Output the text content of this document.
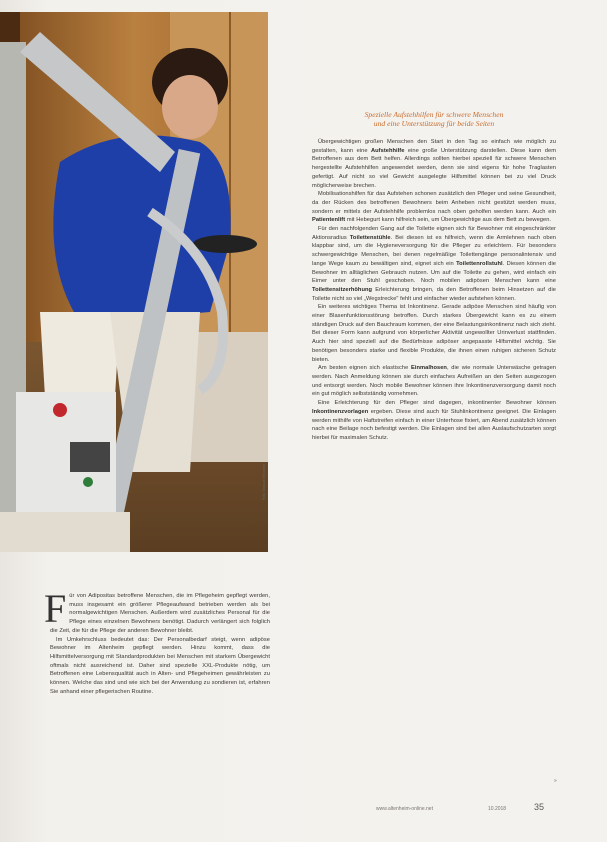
Foto: Markus Hörmann
Spezielle Aufstehhilfen für schwere Menschen
und eine Unterstützung für beide Seiten

Übergewichtigen großen Menschen den Start in den Tag so einfach wie möglich zu gestalten, kann eine Aufstehhilfe eine große Unterstützung darstellen. Diese kann dem Betroffenen aus dem Bett helfen. Allerdings sollten hierbei speziell für schwere Menschen hergestellte Aufstehhilfen angewendet werden, denn sie sind eigens für hohe Traglasten gefertigt. Auf nicht so viel Gewicht ausgelegte Hilfsmittel können bei zu viel Druck möglicherweise brechen.

Mobilisationshilfen für das Aufstehen schonen zusätzlich den Pfleger und seine Gesundheit, da der Rücken des betroffenen Bewohners beim Anheben nicht gestützt werden muss, sondern er mittels der Aufstehhilfe problemlos nach oben geholfen werden kann. Auch ein Patientenlift mit Hebegurt kann hilfreich sein, um Übergewichtige aus dem Bett zu bewegen.

Für den nachfolgenden Gang auf die Toilette eignen sich für Bewohner mit eingeschränkter Aktionsradius Toilettenstühle. Bei diesen ist es hilfreich, wenn die Armlehnen nach oben klappbar sind, um die Hygieneversorgung für die Pfleger zu erleichtern. Für besonders schwergewichtige Menschen, bei denen regelmäßige Toilettengänge personalintensiv und lange Wege kaum zu bewältigen sind, eignet sich ein Toilettenrollstuhl. Diesen können die Bewohner im alltäglichen Gebrauch nutzen. Um auf die Toilette zu gehen, wird einfach ein Eimer unter den Stuhl geschoben. Noch mobilen adipösen Menschen kann eine Toilettensitzerhöhung Erleichterung bringen, da den Betroffenen beim Hinsetzen auf die Toilette nicht so viel „Wegstrecke" fehlt und einfacher wieder aufstehen können.

Ein weiteres wichtiges Thema ist Inkontinenz. Gerade adipöse Menschen sind häufig von einer Blasenfunktionsstörung betroffen. Durch starkes Übergewicht kann es zu einem ständigen Druck auf den Bauchraum kommen, der eine Belastungsinkontinenz nach sich zieht. Bei dieser Form kann aufgrund von körperlicher Aktivität ungewollter Urinverlust stattfinden. Auch hier sind speziell auf die Bedürfnisse adipöser angepasste Hilfsmittel wichtig. Sie benötigen besonders starke und flexible Produkte, die ihnen einen ruhigen sicheren Schutz bieten.

Am besten eignen sich elastische Einmalhosen, die wie normale Unterwäsche getragen werden. Nach Anmeldung können sie durch einfaches Aufreißen an den Seiten ausgezogen und entsorgt werden. Noch mobile Bewohner können ihre Inkontinenzversorgung damit noch ein gut möglich selbstständig vornehmen.

Eine Erleichterung für den Pfleger sind dagegen, inkontinenter Bewohner können Inkontinenzvorlagen ergeben. Diese sind auch für Stuhlinkontinenz geeignet. Die Einlagen werden mithilfe von Haftstreifen einfach in einer Unterhose fixiert, am Abend zusätzlich können nach eine Beilage noch befestigt werden. Die Einlagen sind bei allen Auslaufschutzarten sorgt hierbei für maximalen Schutz.

Für von Adipositas betroffene Menschen, die im Pflegeheim gepflegt werden, muss insgesamt ein größerer Pflegeaufwand betrieben werden als bei normalgewichtigen Menschen. Außerdem wird zusätzliches Personal für die Pflege eines einzelnen Bewohners benötigt. Dadurch verlängert sich folglich die Zeit, die für die Pflege der anderen Bewohner bleibt.

Im Umkehrschluss bedeutet das: Der Personalbedarf steigt, wenn adipöse Bewohner im Altenheim gepflegt werden. Hinzu kommt, dass die Hilfsmittelversorgung mit Standardprodukten bei Menschen mit starkem Übergewicht oftmals nicht ausreichend ist. Daher sind spezielle XXL-Produkte nötig, um Betroffenen eine Lebensqualität auch in Alten- und Pflegeheimen gewährleisten zu können. Welche das sind und wie sich bei der Anwendung zu sondieren ist, erfahren Sie anhand einer pflegerischen Routine.

»
www.altenheim-online.net	10.2018	35
